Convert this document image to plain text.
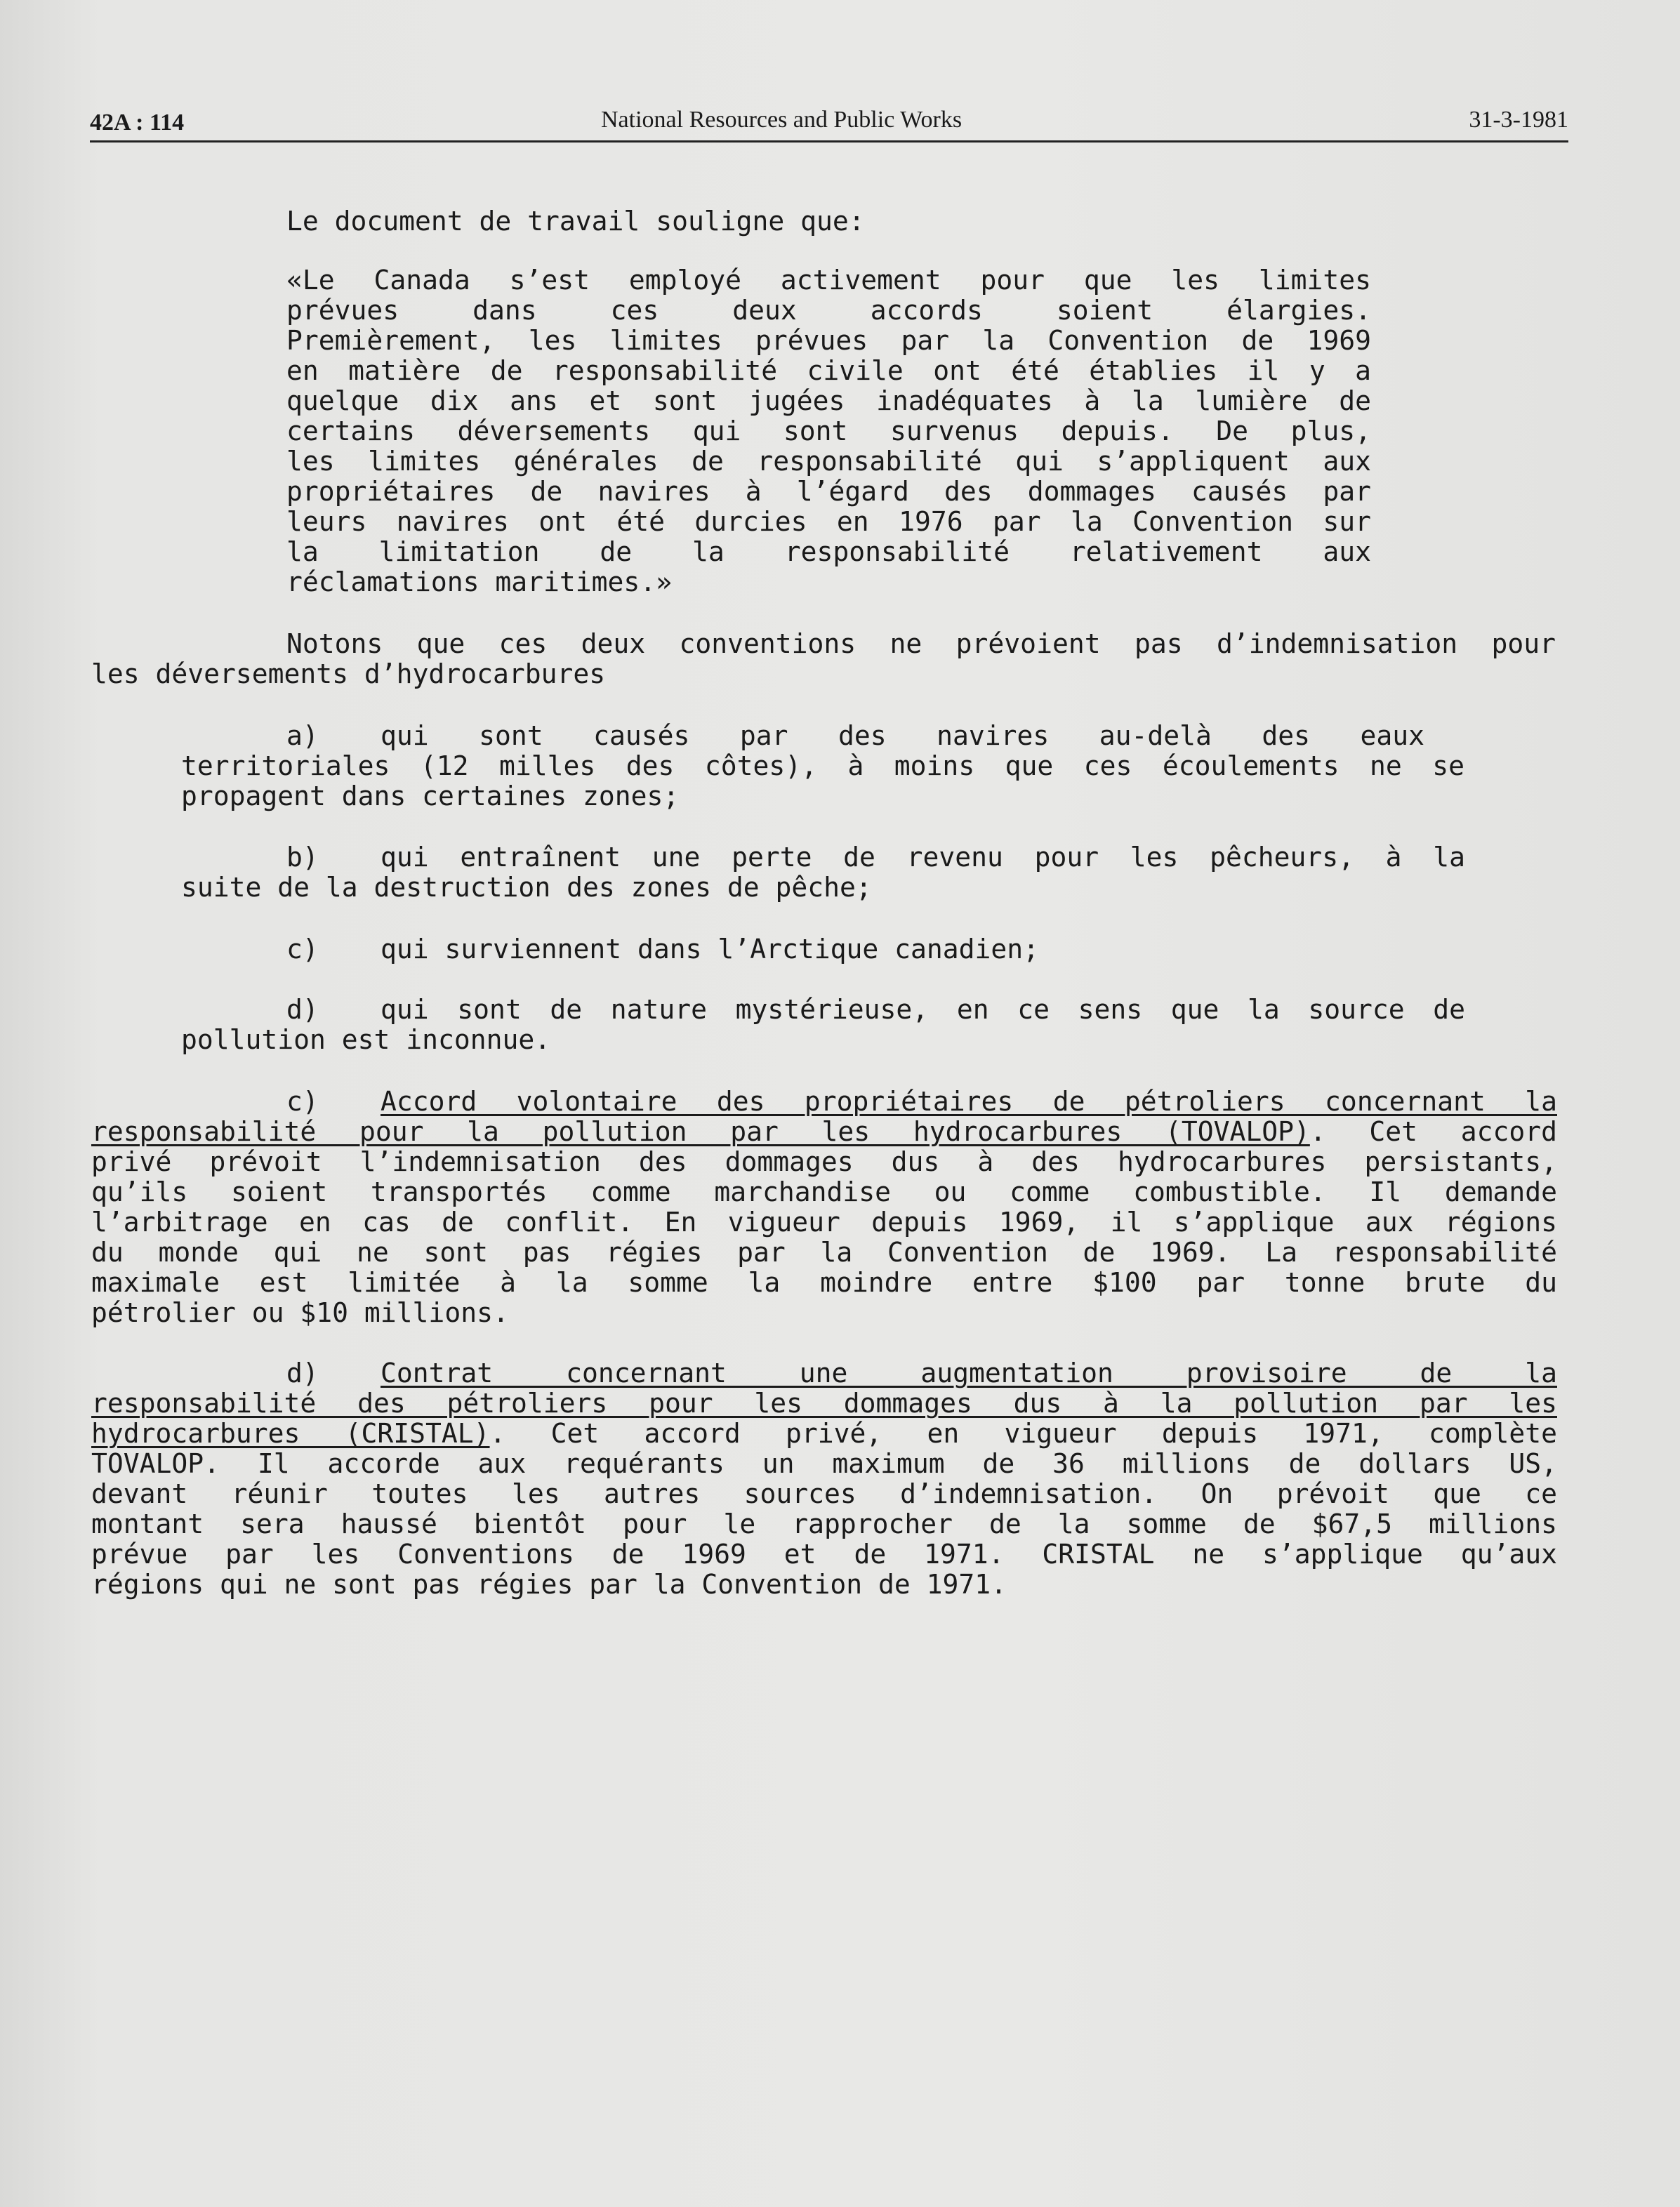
42A : 114	National Resources and Public Works	31-3-1981
Le document de travail souligne que:
«Le Canada s’est employé activement pour que les limites
prévues dans ces deux accords soient élargies.
Premièrement, les limites prévues par la Convention de 1969
en matière de responsabilité civile ont été établies il y a
quelque dix ans et sont jugées inadéquates à la lumière de
certains déversements qui sont survenus depuis. De plus,
les limites générales de responsabilité qui s’appliquent aux
propriétaires de navires à l’égard des dommages causés par
leurs navires ont été durcies en 1976 par la Convention sur
la limitation de la responsabilité relativement aux
réclamations maritimes.»
Notons que ces deux conventions ne prévoient pas d’indemnisation pour
les déversements d’hydrocarbures
a) qui sont causés par des navires au-delà des eaux
territoriales (12 milles des côtes), à moins que ces écoulements ne se
propagent dans certaines zones;
b) qui entraînent une perte de revenu pour les pêcheurs, à la
suite de la destruction des zones de pêche;
c) qui surviennent dans l’Arctique canadien;
d) qui sont de nature mystérieuse, en ce sens que la source de
pollution est inconnue.
c) Accord volontaire des propriétaires de pétroliers concernant la
responsabilité pour la pollution par les hydrocarbures (TOVALOP). Cet accord
privé prévoit l’indemnisation des dommages dus à des hydrocarbures persistants,
qu’ils soient transportés comme marchandise ou comme combustible. Il demande
l’arbitrage en cas de conflit. En vigueur depuis 1969, il s’applique aux régions
du monde qui ne sont pas régies par la Convention de 1969. La responsabilité
maximale est limitée à la somme la moindre entre $100 par tonne brute du
pétrolier ou $10 millions.
d) Contrat concernant une augmentation provisoire de la
responsabilité des pétroliers pour les dommages dus à la pollution par les
hydrocarbures (CRISTAL). Cet accord privé, en vigueur depuis 1971, complète
TOVALOP. Il accorde aux requérants un maximum de 36 millions de dollars US,
devant réunir toutes les autres sources d’indemnisation. On prévoit que ce
montant sera haussé bientôt pour le rapprocher de la somme de $67,5 millions
prévue par les Conventions de 1969 et de 1971. CRISTAL ne s’applique qu’aux
régions qui ne sont pas régies par la Convention de 1971.
